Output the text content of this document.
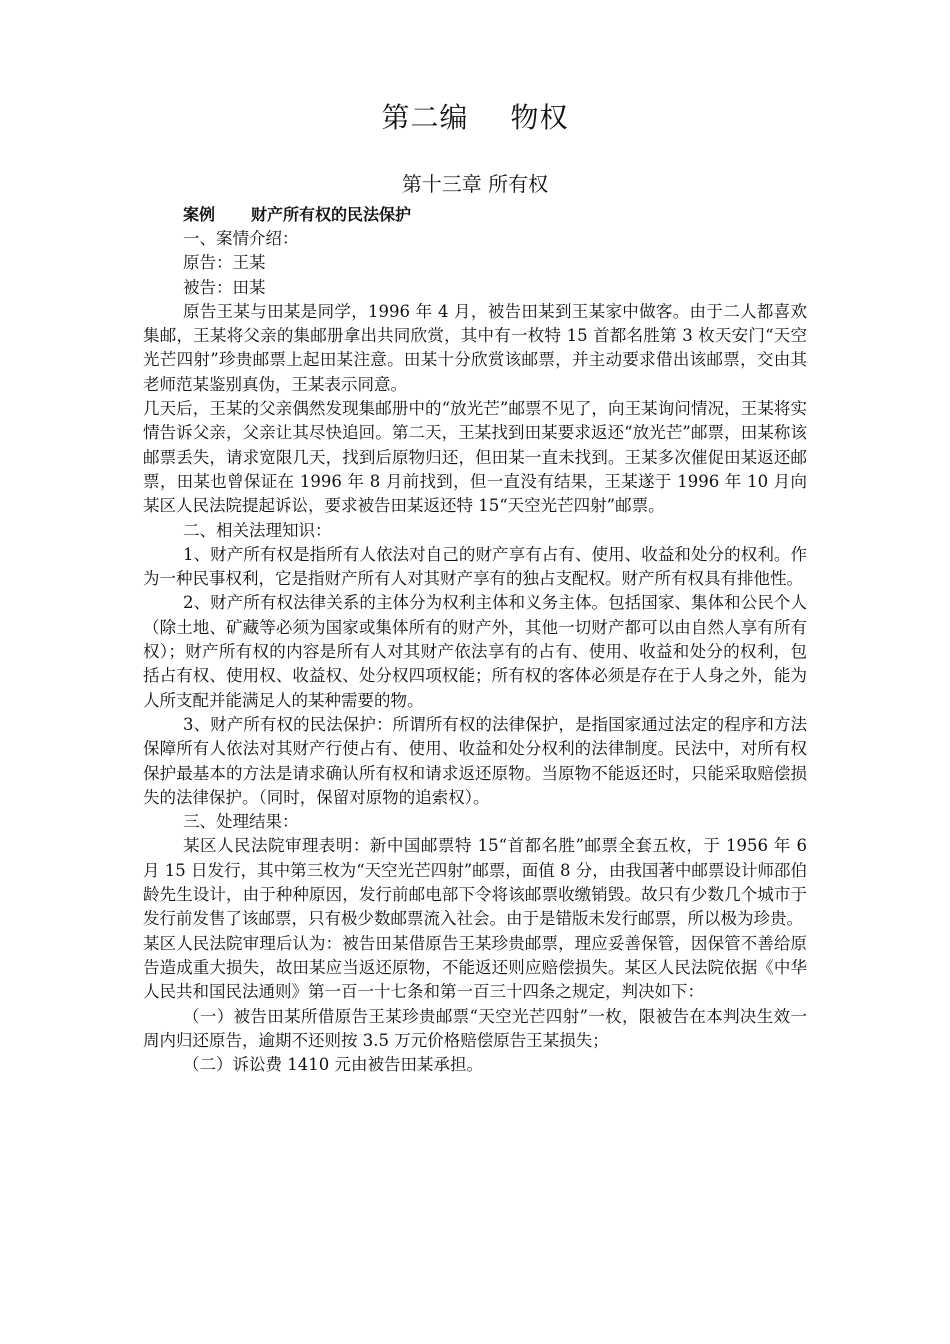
第二编 物权
第十三章 所有权
案例 财产所有权的民法保护

一、案情介绍：

原告：王某

被告：田某

原告王某与田某是同学，1996 年 4 月，被告田某到王某家中做客。由于二人都喜欢集邮，王某将父亲的集邮册拿出共同欣赏，其中有一枚特 15 首都名胜第 3 枚天安门“天空光芒四射”珍贵邮票上起田某注意。田某十分欣赏该邮票，并主动要求借出该邮票，交由其老师范某鉴别真伪，王某表示同意。

几天后，王某的父亲偶然发现集邮册中的“放光芒”邮票不见了，向王某询问情况，王某将实情告诉父亲，父亲让其尽快追回。第二天，王某找到田某要求返还“放光芒”邮票，田某称该邮票丢失，请求宽限几天，找到后原物归还，但田某一直未找到。王某多次催促田某返还邮票，田某也曾保证在 1996 年 8 月前找到，但一直没有结果，王某遂于 1996 年 10 月向某区人民法院提起诉讼，要求被告田某返还特 15“天空光芒四射”邮票。

二、相关法理知识：

1、财产所有权是指所有人依法对自己的财产享有占有、使用、收益和处分的权利。作为一种民事权利，它是指财产所有人对其财产享有的独占支配权。财产所有权具有排他性。

2、财产所有权法律关系的主体分为权利主体和义务主体。包括国家、集体和公民个人（除土地、矿藏等必须为国家或集体所有的财产外，其他一切财产都可以由自然人享有所有权）；财产所有权的内容是所有人对其财产依法享有的占有、使用、收益和处分的权利，包括占有权、使用权、收益权、处分权四项权能；所有权的客体必须是存在于人身之外，能为人所支配并能满足人的某种需要的物。

3、财产所有权的民法保护：所谓所有权的法律保护，是指国家通过法定的程序和方法保障所有人依法对其财产行使占有、使用、收益和处分权利的法律制度。民法中，对所有权保护最基本的方法是请求确认所有权和请求返还原物。当原物不能返还时，只能采取赔偿损失的法律保护。（同时，保留对原物的追索权）。

三、处理结果：

某区人民法院审理表明：新中国邮票特 15“首都名胜”邮票全套五枚，于 1956 年 6 月 15 日发行，其中第三枚为“天空光芒四射”邮票，面值 8 分，由我国著中邮票设计师邵伯龄先生设计，由于种种原因，发行前邮电部下令将该邮票收缴销毁。故只有少数几个城市于发行前发售了该邮票，只有极少数邮票流入社会。由于是错版未发行邮票，所以极为珍贵。

某区人民法院审理后认为：被告田某借原告王某珍贵邮票，理应妥善保管，因保管不善给原告造成重大损失，故田某应当返还原物，不能返还则应赔偿损失。某区人民法院依据《中华人民共和国民法通则》第一百一十七条和第一百三十四条之规定，判决如下：

（一）被告田某所借原告王某珍贵邮票“天空光芒四射”一枚，限被告在本判决生效一周内归还原告，逾期不还则按 3.5 万元价格赔偿原告王某损失；

（二）诉讼费 1410 元由被告田某承担。
